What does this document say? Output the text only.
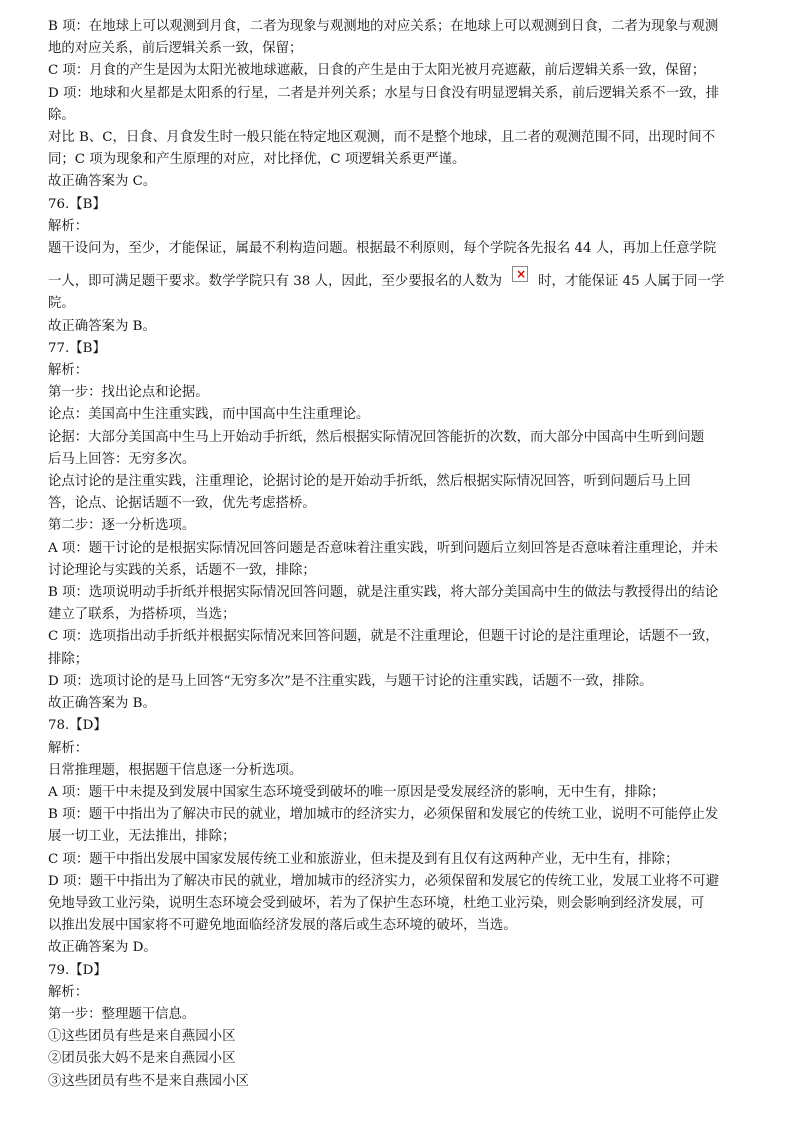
B 项：在地球上可以观测到月食，二者为现象与观测地的对应关系；在地球上可以观测到日食，二者为现象与观测

地的对应关系，前后逻辑关系一致，保留；

C 项：月食的产生是因为太阳光被地球遮蔽，日食的产生是由于太阳光被月亮遮蔽，前后逻辑关系一致，保留；

D 项：地球和火星都是太阳系的行星，二者是并列关系；水星与日食没有明显逻辑关系，前后逻辑关系不一致，排

除。

对比 B、C，日食、月食发生时一般只能在特定地区观测，而不是整个地球，且二者的观测范围不同，出现时间不

同；C 项为现象和产生原理的对应，对比择优，C 项逻辑关系更严谨。

故正确答案为 C。

76.【B】

解析：

题干设问为，至少，才能保证，属最不利构造问题。根据最不利原则，每个学院各先报名 44 人，再加上任意学院

一人，即可满足题干要求。数学学院只有 38 人，因此，至少要报名的人数为
×	时，才能保证 45 人属于同一学

院。

故正确答案为 B。

77.【B】

解析：

第一步：找出论点和论据。

论点：美国高中生注重实践，而中国高中生注重理论。

论据：大部分美国高中生马上开始动手折纸，然后根据实际情况回答能折的次数，而大部分中国高中生听到问题

后马上回答：无穷多次。

论点讨论的是注重实践，注重理论，论据讨论的是开始动手折纸，然后根据实际情况回答，听到问题后马上回

答，论点、论据话题不一致，优先考虑搭桥。

第二步：逐一分析选项。

A 项：题干讨论的是根据实际情况回答问题是否意味着注重实践，听到问题后立刻回答是否意味着注重理论，并未

讨论理论与实践的关系，话题不一致，排除；

B 项：选项说明动手折纸并根据实际情况回答问题，就是注重实践，将大部分美国高中生的做法与教授得出的结论

建立了联系，为搭桥项，当选；

C 项：选项指出动手折纸并根据实际情况来回答问题，就是不注重理论，但题干讨论的是注重理论，话题不一致，

排除；

D 项：选项讨论的是马上回答“无穷多次”是不注重实践，与题干讨论的注重实践，话题不一致，排除。

故正确答案为 B。

78.【D】

解析：

日常推理题，根据题干信息逐一分析选项。

A 项：题干中未提及到发展中国家生态环境受到破坏的唯一原因是受发展经济的影响，无中生有，排除；

B 项：题干中指出为了解决市民的就业，增加城市的经济实力，必须保留和发展它的传统工业，说明不可能停止发

展一切工业，无法推出，排除；

C 项：题干中指出发展中国家发展传统工业和旅游业，但未提及到有且仅有这两种产业，无中生有，排除；

D 项：题干中指出为了解决市民的就业，增加城市的经济实力，必须保留和发展它的传统工业，发展工业将不可避

免地导致工业污染，说明生态环境会受到破坏，若为了保护生态环境，杜绝工业污染，则会影响到经济发展，可

以推出发展中国家将不可避免地面临经济发展的落后或生态环境的破坏，当选。

故正确答案为 D。

79.【D】

解析：

第一步：整理题干信息。

①这些团员有些是来自燕园小区

②团员张大妈不是来自燕园小区

③这些团员有些不是来自燕园小区
